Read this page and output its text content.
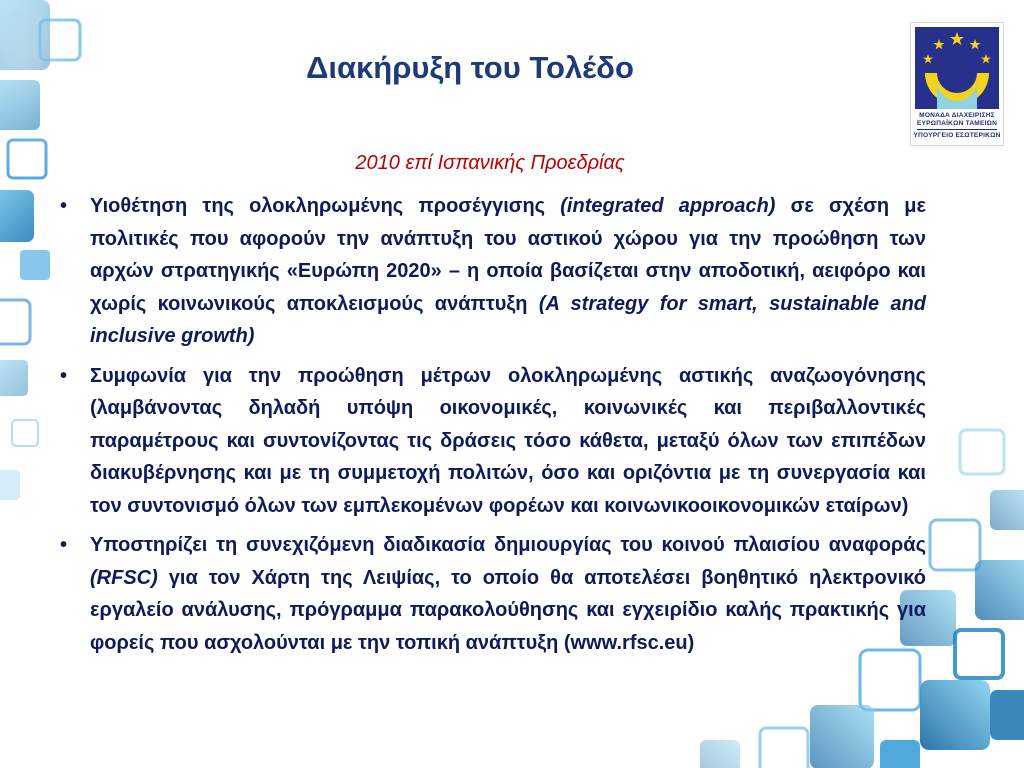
Διακήρυξη του Τολέδο
ΜΟΝΑΔΑ ΔΙΑΧΕΙΡΙΣΗΣ
ΕΥΡΩΠΑΪΚΩΝ ΤΑΜΕΙΩΝ
ΥΠΟΥΡΓΕΙΟ ΕΣΩΤΕΡΙΚΩΝ
2010 επί Ισπανικής Προεδρίας
•	Υιοθέτηση της ολοκληρωμένης προσέγγισης (integrated approach) σε σχέση με πολιτικές που αφορούν την ανάπτυξη του αστικού χώρου για την προώθηση των αρχών στρατηγικής «Ευρώπη 2020» – η οποία βασίζεται στην αποδοτική, αειφόρο και χωρίς κοινωνικούς αποκλεισμούς ανάπτυξη (A strategy for smart, sustainable and inclusive growth)
•	Συμφωνία για την προώθηση μέτρων ολοκληρωμένης αστικής αναζωογόνησης (λαμβάνοντας δηλαδή υπόψη οικονομικές, κοινωνικές και περιβαλλοντικές παραμέτρους και συντονίζοντας τις δράσεις τόσο κάθετα, μεταξύ όλων των επιπέδων διακυβέρνησης και με τη συμμετοχή πολιτών, όσο και οριζόντια με τη συνεργασία και τον συντονισμό όλων των εμπλεκομένων φορέων και κοινωνικοοικονομικών εταίρων)
•	Υποστηρίζει τη συνεχιζόμενη διαδικασία δημιουργίας του κοινού πλαισίου αναφοράς (RFSC) για τον Χάρτη της Λειψίας, το οποίο θα αποτελέσει βοηθητικό ηλεκτρονικό εργαλείο ανάλυσης, πρόγραμμα παρακολούθησης και εγχειρίδιο καλής πρακτικής για φορείς που ασχολούνται με την τοπική ανάπτυξη (www.rfsc.eu)
